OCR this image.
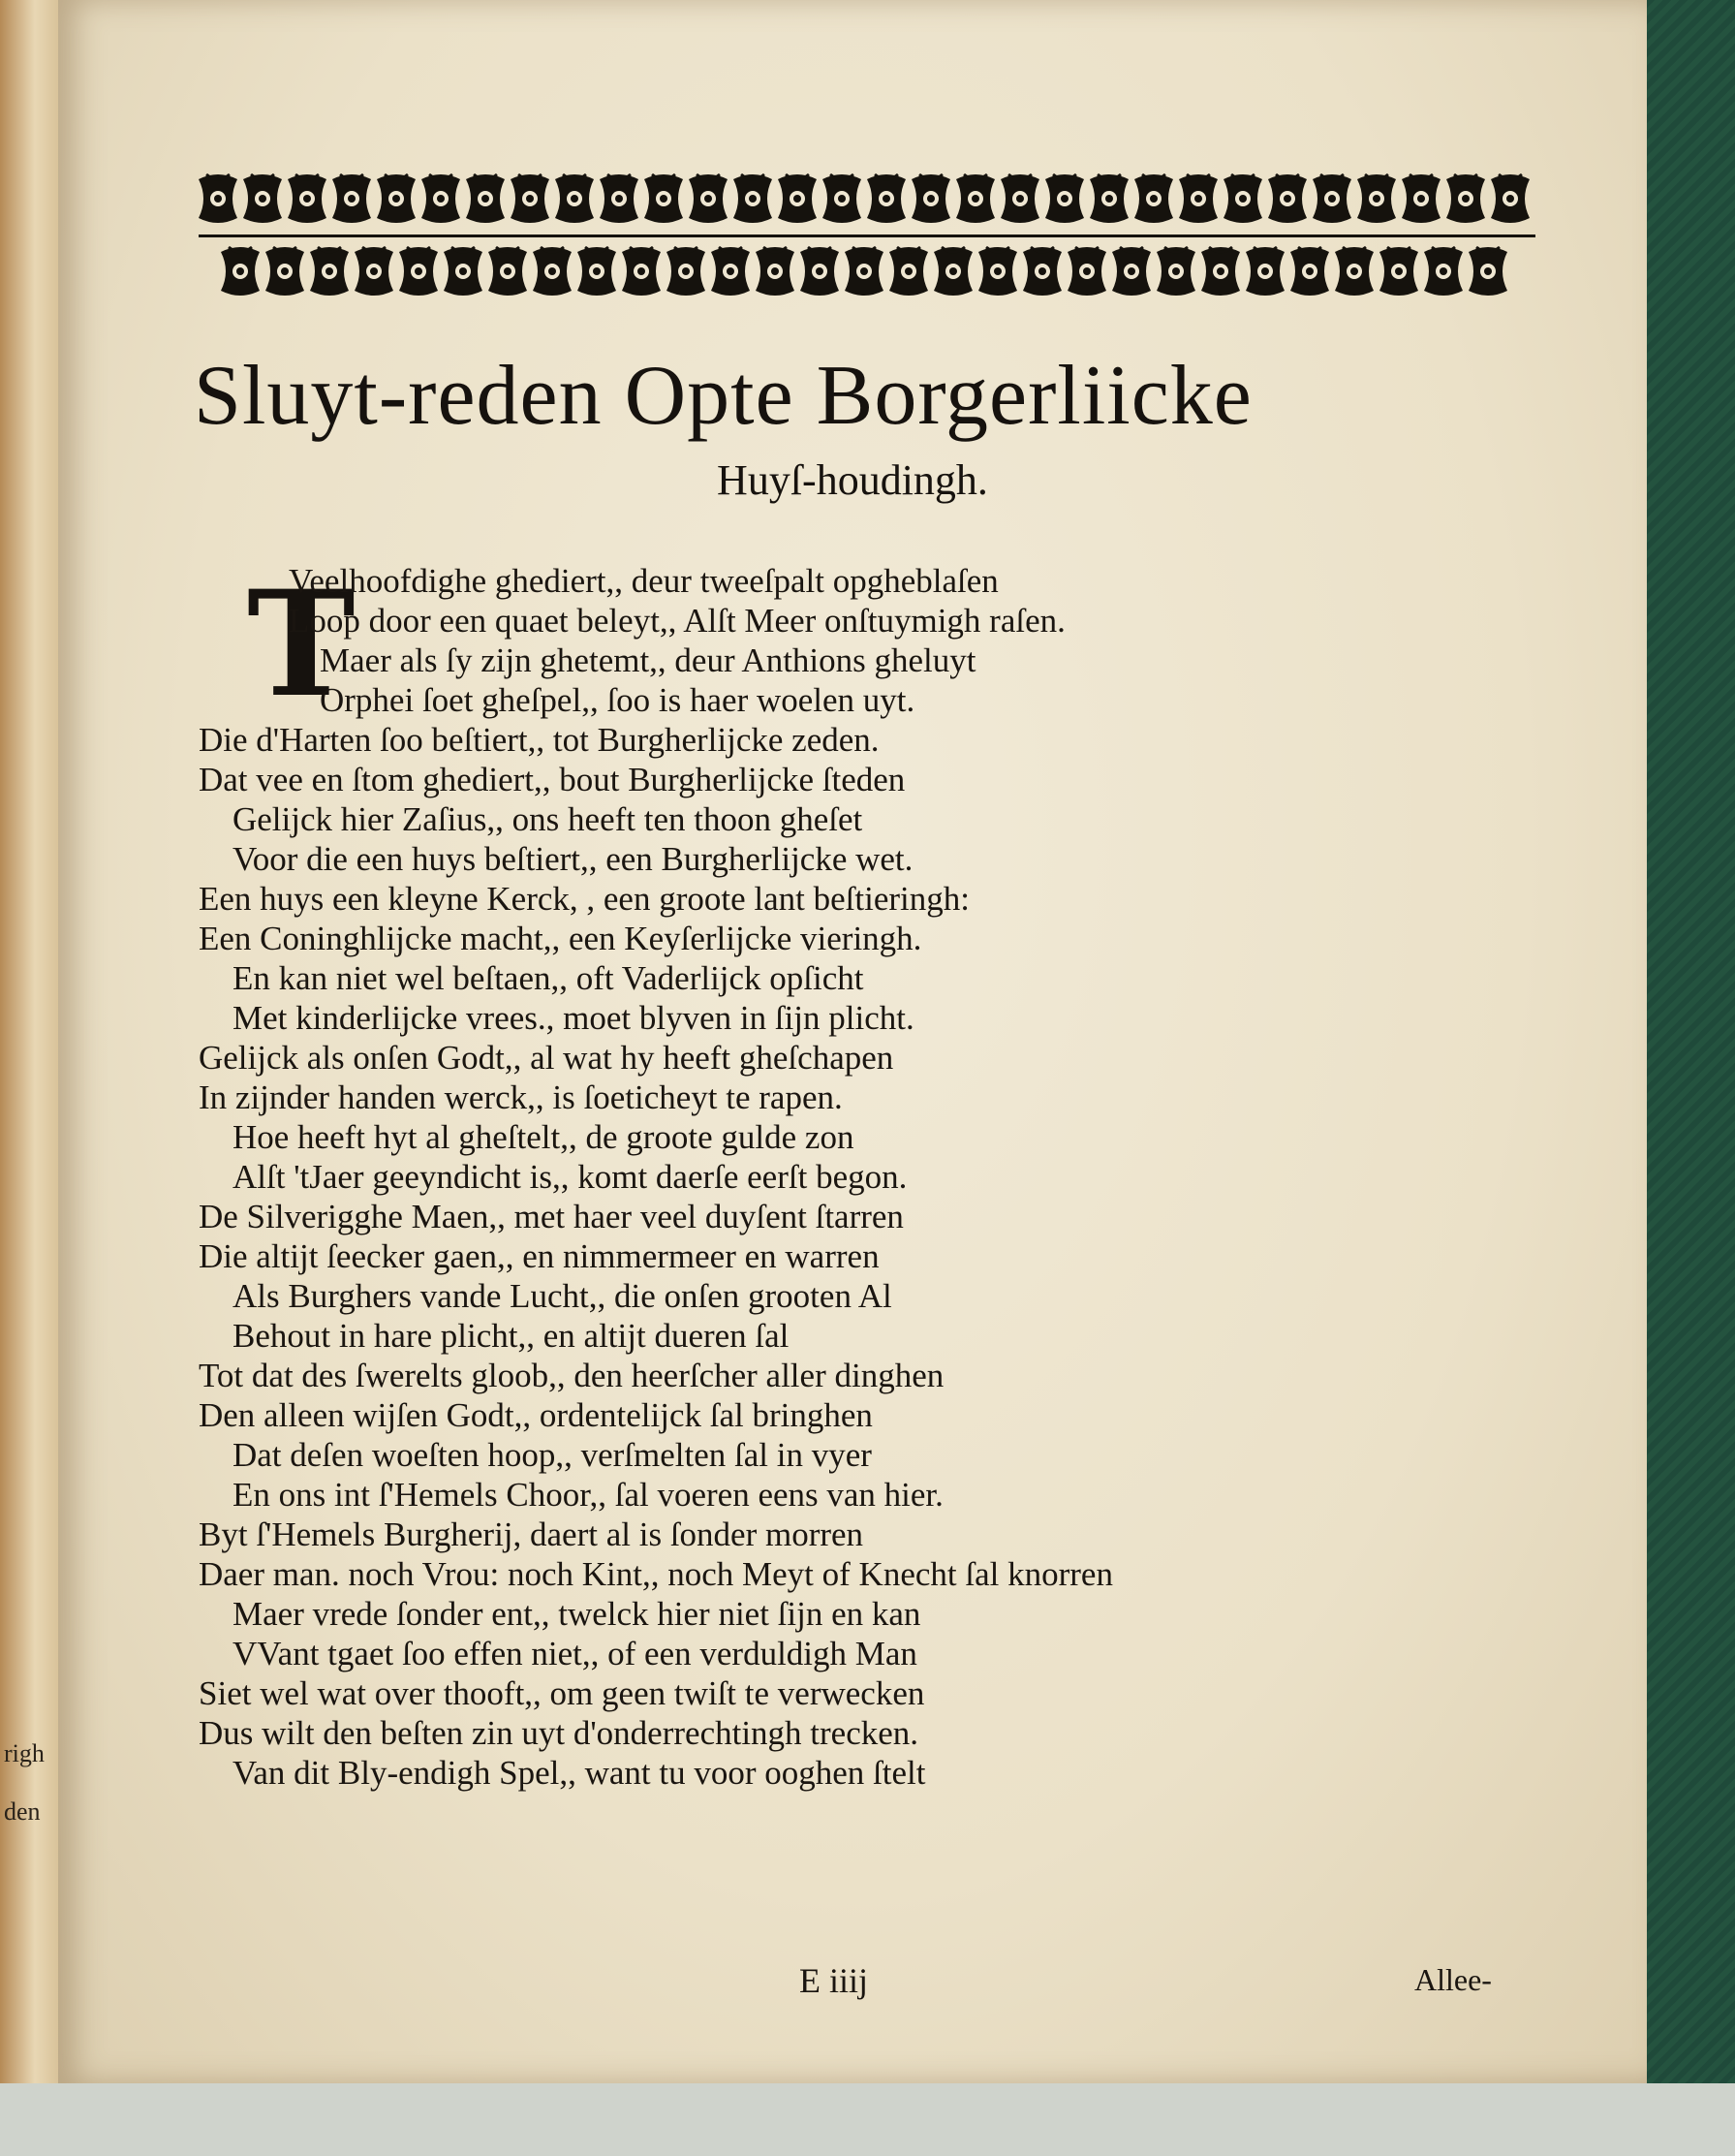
righ
den
Sluyt-reden Opte Borgerliicke
Huyſ-houdingh.
T
Veelhoofdighe ghediert,, deur tweeſpalt opgheblaſen
Loop door een quaet beleyt,, Alſt Meer onſtuymigh raſen.
Maer als ſy zijn ghetemt,, deur Anthions gheluyt
Orphei ſoet gheſpel,, ſoo is haer woelen uyt.
Die d'Harten ſoo beſtiert,, tot Burgherlijcke zeden.
Dat vee en ſtom ghediert,, bout Burgherlijcke ſteden
Gelijck hier Zaſius,, ons heeft ten thoon gheſet
Voor die een huys beſtiert,, een Burgherlijcke wet.
Een huys een kleyne Kerck, , een groote lant beſtieringh:
Een Coninghlijcke macht,, een Keyſerlijcke vieringh.
En kan niet wel beſtaen,, oft Vaderlijck opſicht
Met kinderlijcke vrees., moet blyven in ſijn plicht.
Gelijck als onſen Godt,, al wat hy heeft gheſchapen
In zijnder handen werck,, is ſoeticheyt te rapen.
Hoe heeft hyt al gheſtelt,, de groote gulde zon
Alſt 'tJaer geeyndicht is,, komt daerſe eerſt begon.
De Silverigghe Maen,, met haer veel duyſent ſtarren
Die altijt ſeecker gaen,, en nimmermeer en warren
Als Burghers vande Lucht,, die onſen grooten Al
Behout in hare plicht,, en altijt dueren ſal
Tot dat des ſwerelts gloob,, den heerſcher aller dinghen
Den alleen wijſen Godt,, ordentelijck ſal bringhen
Dat deſen woeſten hoop,, verſmelten ſal in vyer
En ons int ſ'Hemels Choor,, ſal voeren eens van hier.
Byt ſ'Hemels Burgherij, daert al is ſonder morren
Daer man. noch Vrou: noch Kint,, noch Meyt of Knecht ſal knorren
Maer vrede ſonder ent,, twelck hier niet ſijn en kan
VVant tgaet ſoo effen niet,, of een verduldigh Man
Siet wel wat over thooft,, om geen twiſt te verwecken
Dus wilt den beſten zin uyt d'onderrechtingh trecken.
Van dit Bly-endigh Spel,, want tu voor ooghen ſtelt
E iiij	Allee-
